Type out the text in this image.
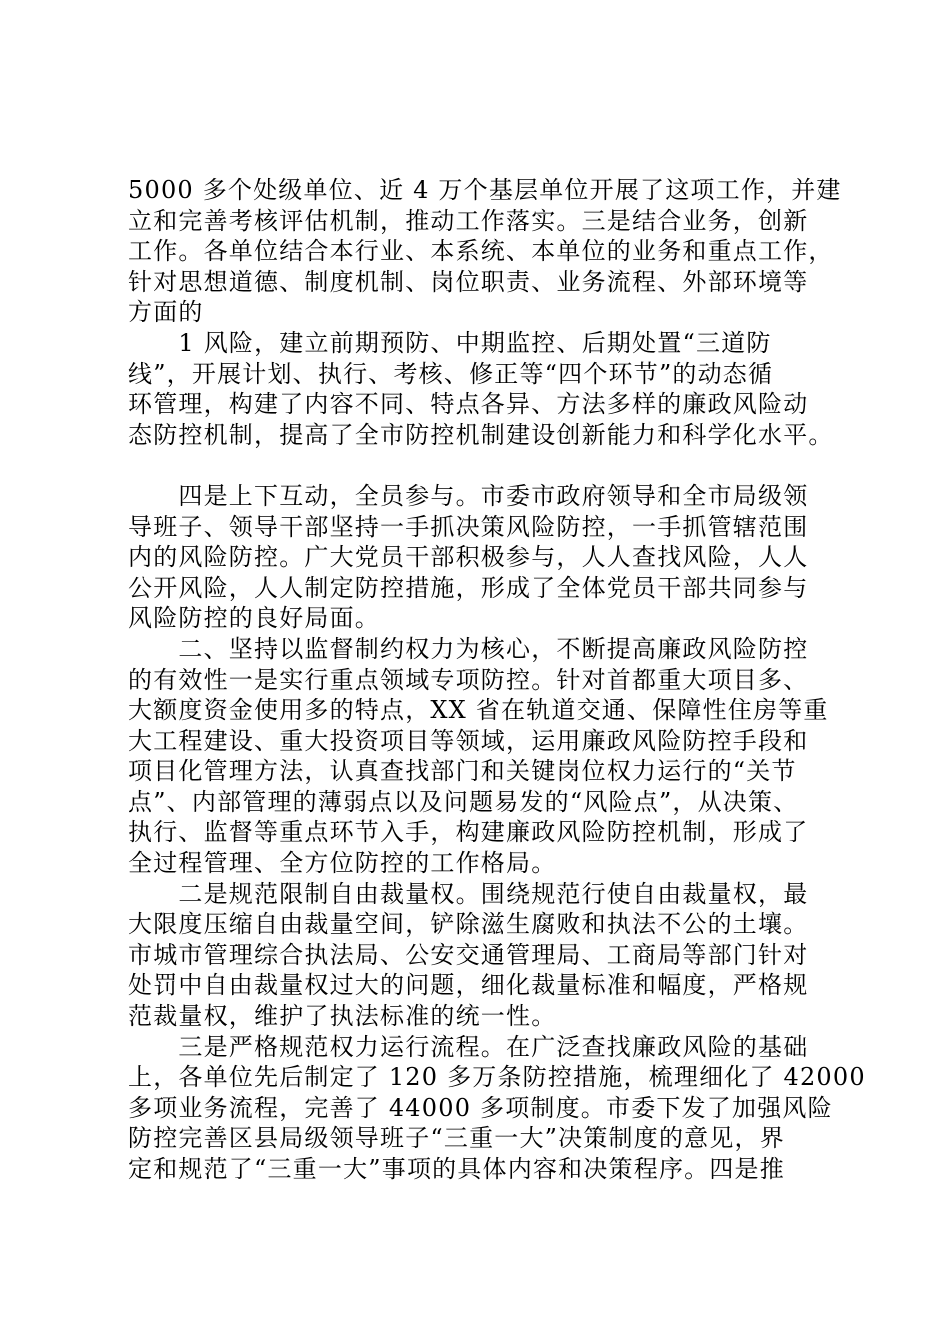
5000 多个处级单位、近 4 万个基层单位开展了这项工作，并建
立和完善考核评估机制，推动工作落实。三是结合业务，创新
工作。各单位结合本行业、本系统、本单位的业务和重点工作，
针对思想道德、制度机制、岗位职责、业务流程、外部环境等
方面的
　　1 风险，建立前期预防、中期监控、后期处置“三道防
线”，开展计划、执行、考核、修正等“四个环节”的动态循
环管理，构建了内容不同、特点各异、方法多样的廉政风险动
态防控机制，提高了全市防控机制建设创新能力和科学化水平。
　　四是上下互动，全员参与。市委市政府领导和全市局级领
导班子、领导干部坚持一手抓决策风险防控，一手抓管辖范围
内的风险防控。广大党员干部积极参与，人人查找风险，人人
公开风险，人人制定防控措施，形成了全体党员干部共同参与
风险防控的良好局面。
　　二、坚持以监督制约权力为核心，不断提高廉政风险防控
的有效性一是实行重点领域专项防控。针对首都重大项目多、
大额度资金使用多的特点，XX 省在轨道交通、保障性住房等重
大工程建设、重大投资项目等领域，运用廉政风险防控手段和
项目化管理方法，认真查找部门和关键岗位权力运行的“关节
点”、内部管理的薄弱点以及问题易发的“风险点”，从决策、
执行、监督等重点环节入手，构建廉政风险防控机制，形成了
全过程管理、全方位防控的工作格局。
　　二是规范限制自由裁量权。围绕规范行使自由裁量权，最
大限度压缩自由裁量空间，铲除滋生腐败和执法不公的土壤。
市城市管理综合执法局、公安交通管理局、工商局等部门针对
处罚中自由裁量权过大的问题，细化裁量标准和幅度，严格规
范裁量权，维护了执法标准的统一性。
　　三是严格规范权力运行流程。在广泛查找廉政风险的基础
上，各单位先后制定了 120 多万条防控措施，梳理细化了 42000
多项业务流程，完善了 44000 多项制度。市委下发了加强风险
防控完善区县局级领导班子“三重一大”决策制度的意见，界
定和规范了“三重一大”事项的具体内容和决策程序。四是推
